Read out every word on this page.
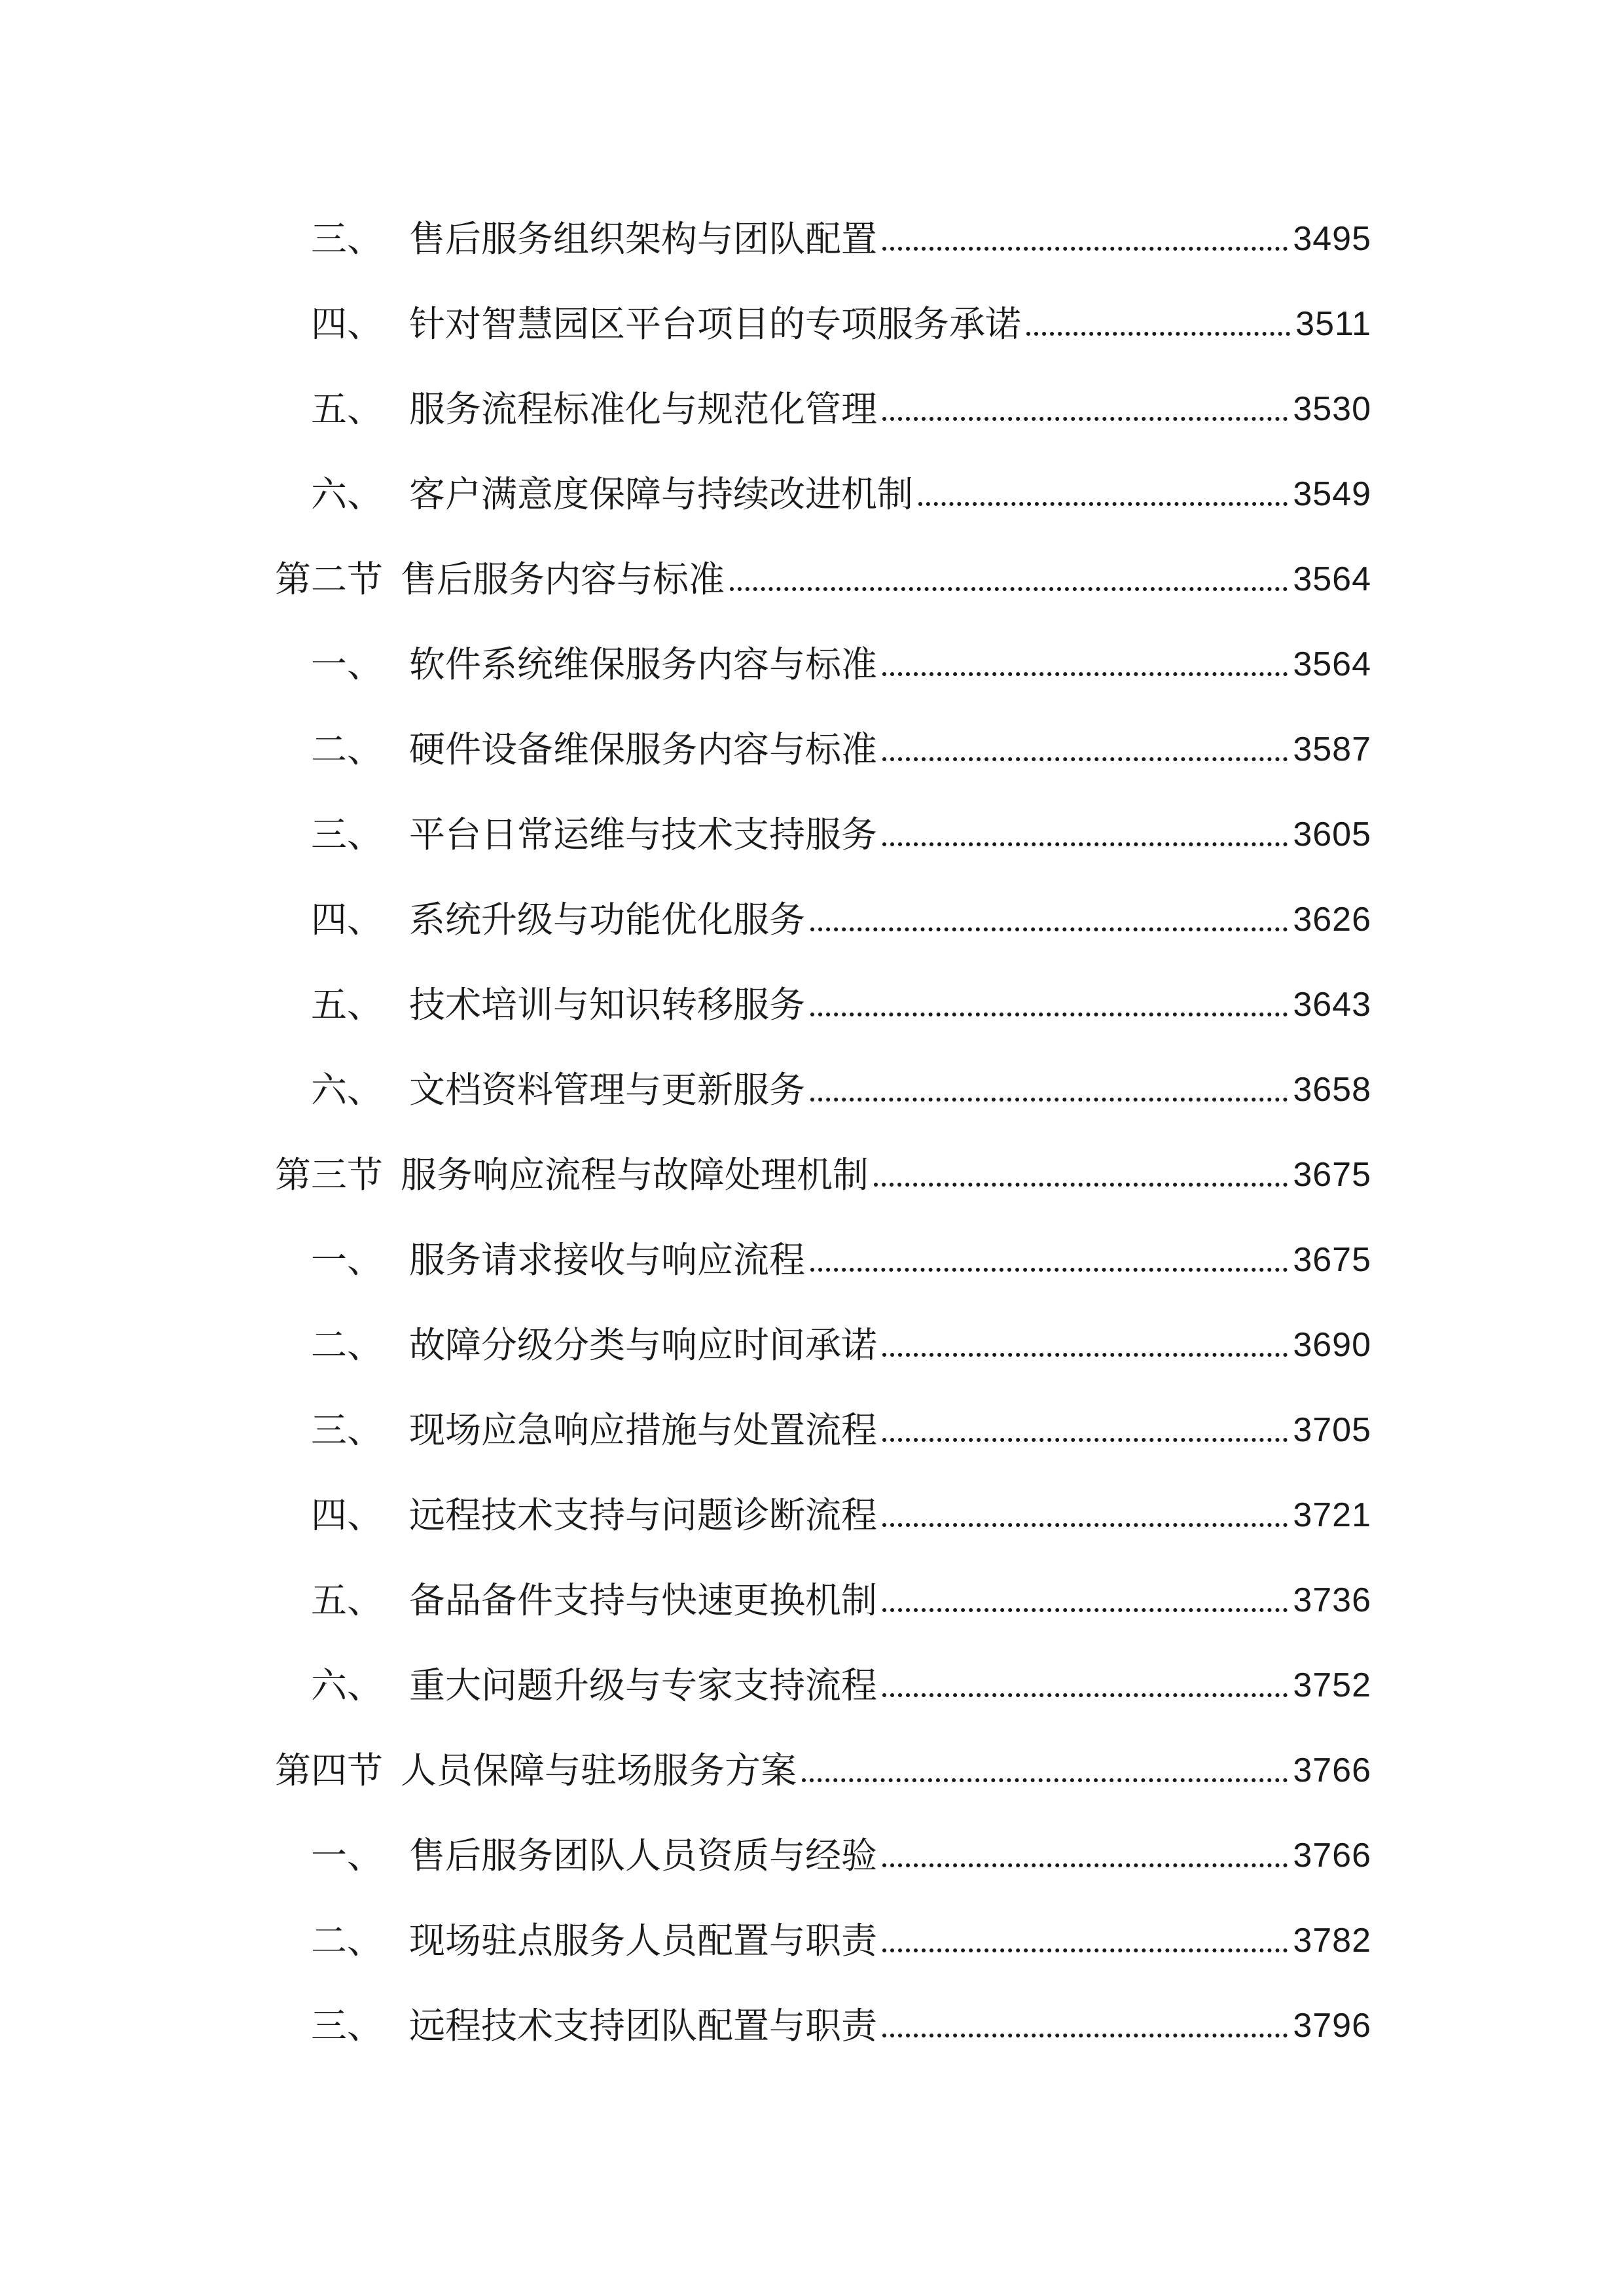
三、 售后服务组织架构与团队配置	3495
四、 针对智慧园区平台项目的专项服务承诺	3511
五、 服务流程标准化与规范化管理	3530
六、 客户满意度保障与持续改进机制	3549
第二节 售后服务内容与标准	3564
一、 软件系统维保服务内容与标准	3564
二、 硬件设备维保服务内容与标准	3587
三、 平台日常运维与技术支持服务	3605
四、 系统升级与功能优化服务	3626
五、 技术培训与知识转移服务	3643
六、 文档资料管理与更新服务	3658
第三节 服务响应流程与故障处理机制	3675
一、 服务请求接收与响应流程	3675
二、 故障分级分类与响应时间承诺	3690
三、 现场应急响应措施与处置流程	3705
四、 远程技术支持与问题诊断流程	3721
五、 备品备件支持与快速更换机制	3736
六、 重大问题升级与专家支持流程	3752
第四节 人员保障与驻场服务方案	3766
一、 售后服务团队人员资质与经验	3766
二、 现场驻点服务人员配置与职责	3782
三、 远程技术支持团队配置与职责	3796
